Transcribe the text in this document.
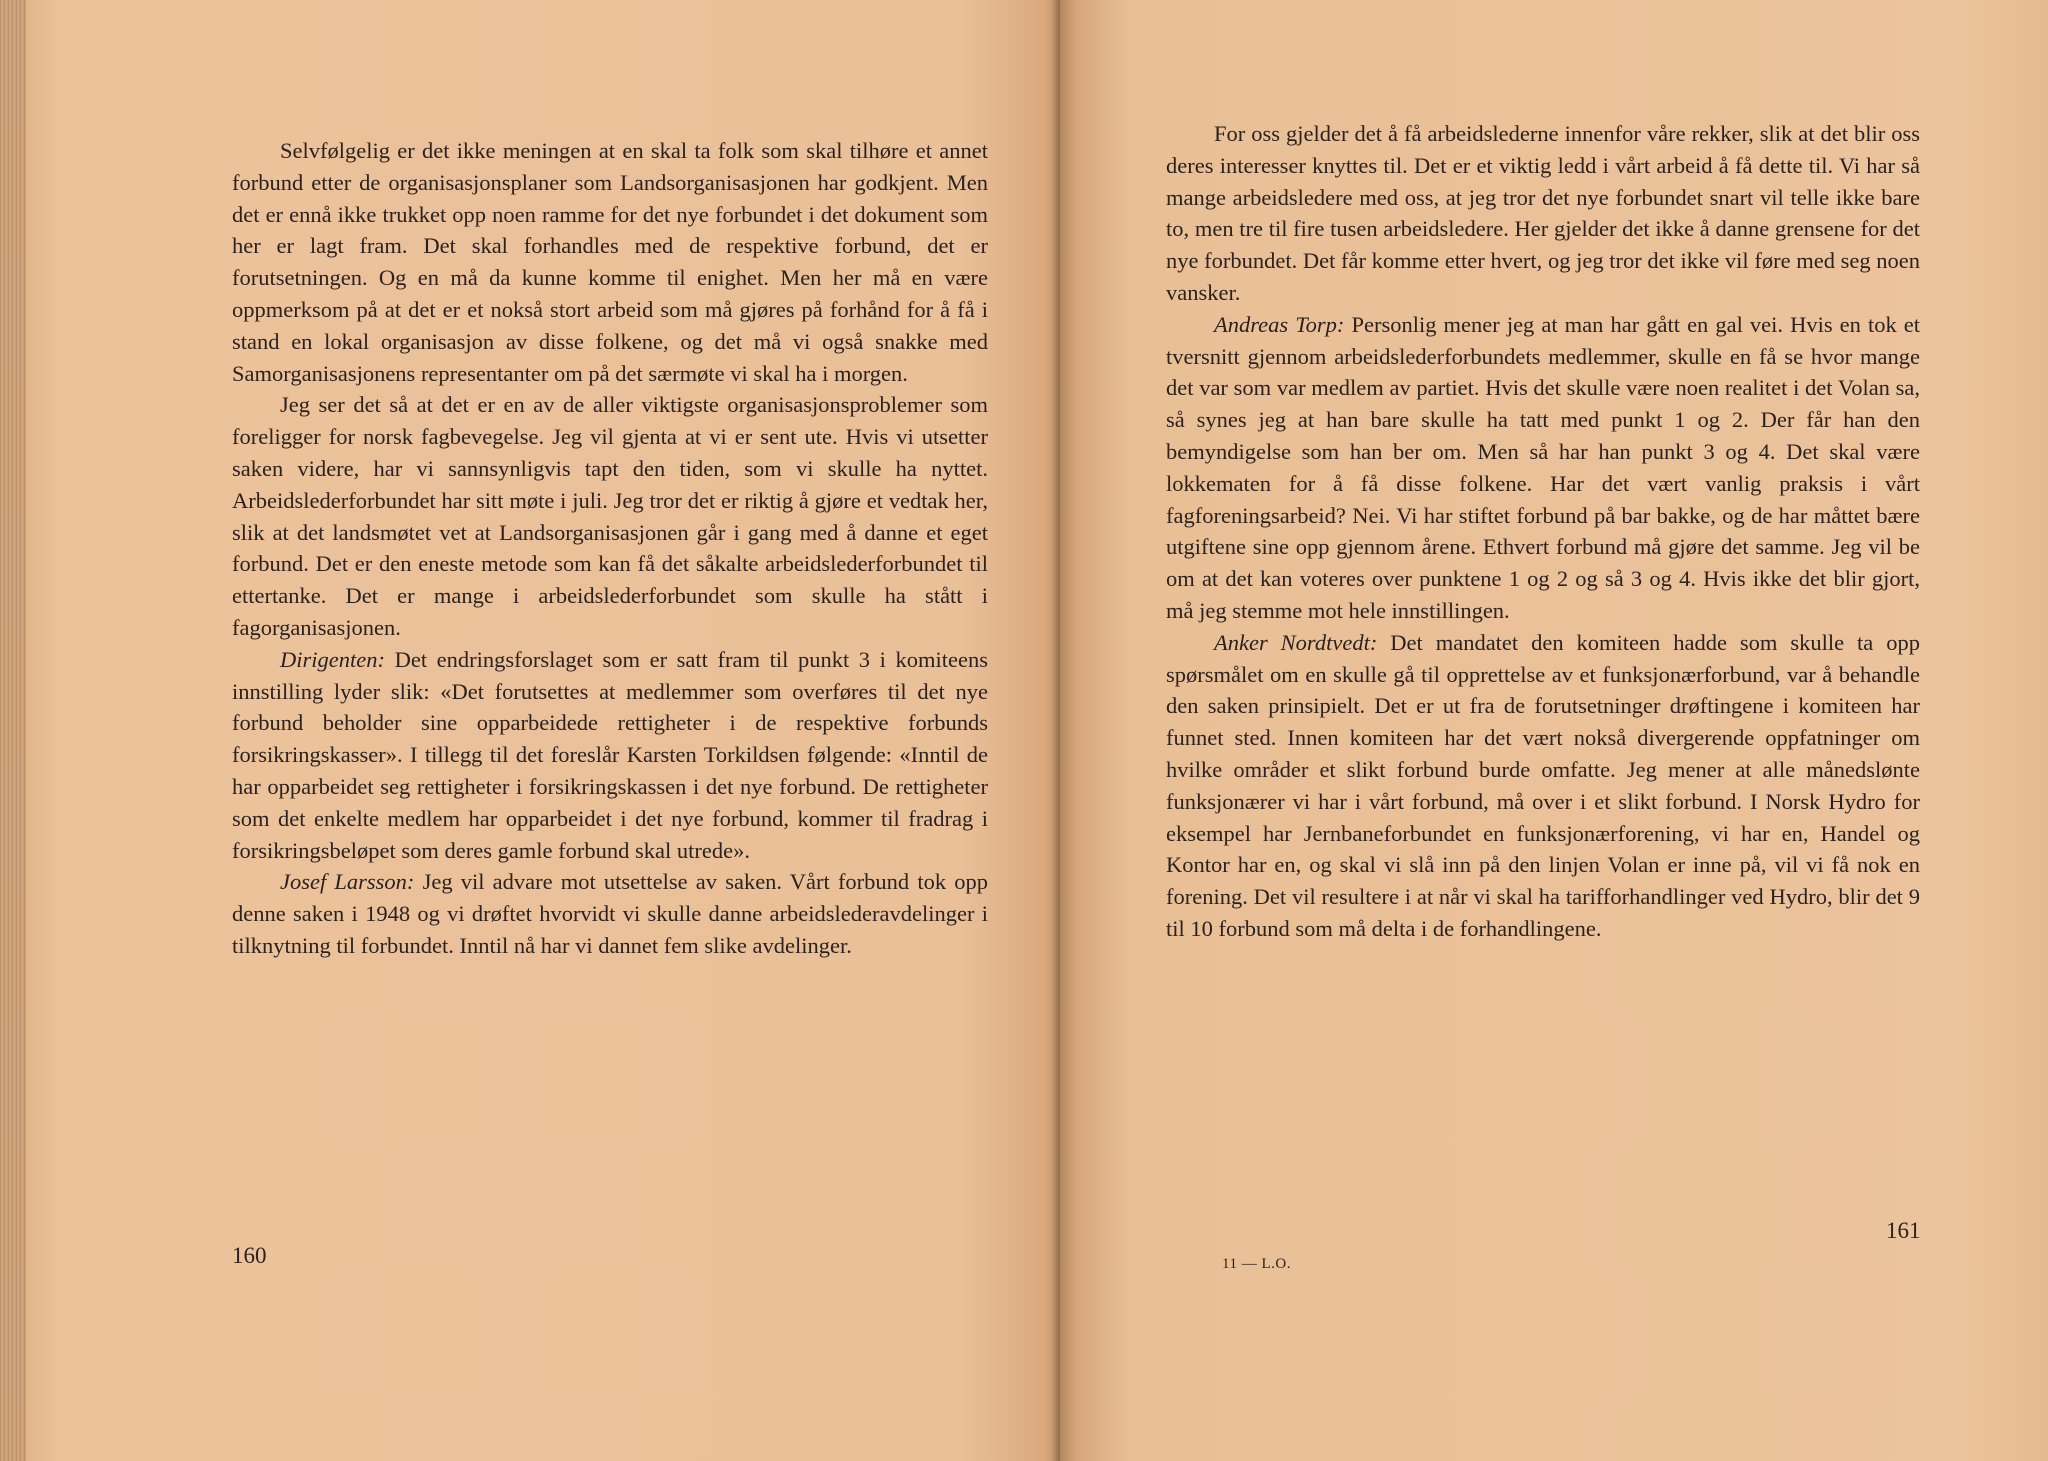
Selvfølgelig er det ikke meningen at en skal ta folk som skal tilhøre et annet forbund etter de organisasjonsplaner som Landsorganisasjonen har godkjent. Men det er ennå ikke trukket opp noen ramme for det nye forbundet i det dokument som her er lagt fram. Det skal forhandles med de respektive forbund, det er forutsetningen. Og en må da kunne komme til enighet. Men her må en være oppmerksom på at det er et nokså stort arbeid som må gjøres på forhånd for å få i stand en lokal organisasjon av disse folkene, og det må vi også snakke med Samorganisasjonens representanter om på det særmøte vi skal ha i morgen.

Jeg ser det så at det er en av de aller viktigste organisasjonsproblemer som foreligger for norsk fagbevegelse. Jeg vil gjenta at vi er sent ute. Hvis vi utsetter saken videre, har vi sannsynligvis tapt den tiden, som vi skulle ha nyttet. Arbeidslederforbundet har sitt møte i juli. Jeg tror det er riktig å gjøre et vedtak her, slik at det landsmøtet vet at Landsorganisasjonen går i gang med å danne et eget forbund. Det er den eneste metode som kan få det såkalte arbeidslederforbundet til ettertanke. Det er mange i arbeidslederforbundet som skulle ha stått i fagorganisasjonen.

Dirigenten: Det endringsforslaget som er satt fram til punkt 3 i komiteens innstilling lyder slik: «Det forutsettes at medlemmer som overføres til det nye forbund beholder sine opparbeidede rettigheter i de respektive forbunds forsikringskasser». I tillegg til det foreslår Karsten Torkildsen følgende: «Inntil de har opparbeidet seg rettigheter i forsikringskassen i det nye forbund. De rettigheter som det enkelte medlem har opparbeidet i det nye forbund, kommer til fradrag i forsikringsbeløpet som deres gamle forbund skal utrede».

Josef Larsson: Jeg vil advare mot utsettelse av saken. Vårt forbund tok opp denne saken i 1948 og vi drøftet hvorvidt vi skulle danne arbeidslederavdelinger i tilknytning til forbundet. Inntil nå har vi dannet fem slike avdelinger.

160

For oss gjelder det å få arbeidslederne innenfor våre rekker, slik at det blir oss deres interesser knyttes til. Det er et viktig ledd i vårt arbeid å få dette til. Vi har så mange arbeidsledere med oss, at jeg tror det nye forbundet snart vil telle ikke bare to, men tre til fire tusen arbeidsledere. Her gjelder det ikke å danne grensene for det nye forbundet. Det får komme etter hvert, og jeg tror det ikke vil føre med seg noen vansker.

Andreas Torp: Personlig mener jeg at man har gått en gal vei. Hvis en tok et tversnitt gjennom arbeidslederforbundets medlemmer, skulle en få se hvor mange det var som var medlem av partiet. Hvis det skulle være noen realitet i det Volan sa, så synes jeg at han bare skulle ha tatt med punkt 1 og 2. Der får han den bemyndigelse som han ber om. Men så har han punkt 3 og 4. Det skal være lokkematen for å få disse folkene. Har det vært vanlig praksis i vårt fagforeningsarbeid? Nei. Vi har stiftet forbund på bar bakke, og de har måttet bære utgiftene sine opp gjennom årene. Ethvert forbund må gjøre det samme. Jeg vil be om at det kan voteres over punktene 1 og 2 og så 3 og 4. Hvis ikke det blir gjort, må jeg stemme mot hele innstillingen.

Anker Nordtvedt: Det mandatet den komiteen hadde som skulle ta opp spørsmålet om en skulle gå til opprettelse av et funksjonærforbund, var å behandle den saken prinsipielt. Det er ut fra de forutsetninger drøftingene i komiteen har funnet sted. Innen komiteen har det vært nokså divergerende oppfatninger om hvilke områder et slikt forbund burde omfatte. Jeg mener at alle månedslønte funksjonærer vi har i vårt forbund, må over i et slikt forbund. I Norsk Hydro for eksempel har Jernbaneforbundet en funksjonærforening, vi har en, Handel og Kontor har en, og skal vi slå inn på den linjen Volan er inne på, vil vi få nok en forening. Det vil resultere i at når vi skal ha tarifforhandlinger ved Hydro, blir det 9 til 10 forbund som må delta i de forhandlingene.

161
11 — L.O.
